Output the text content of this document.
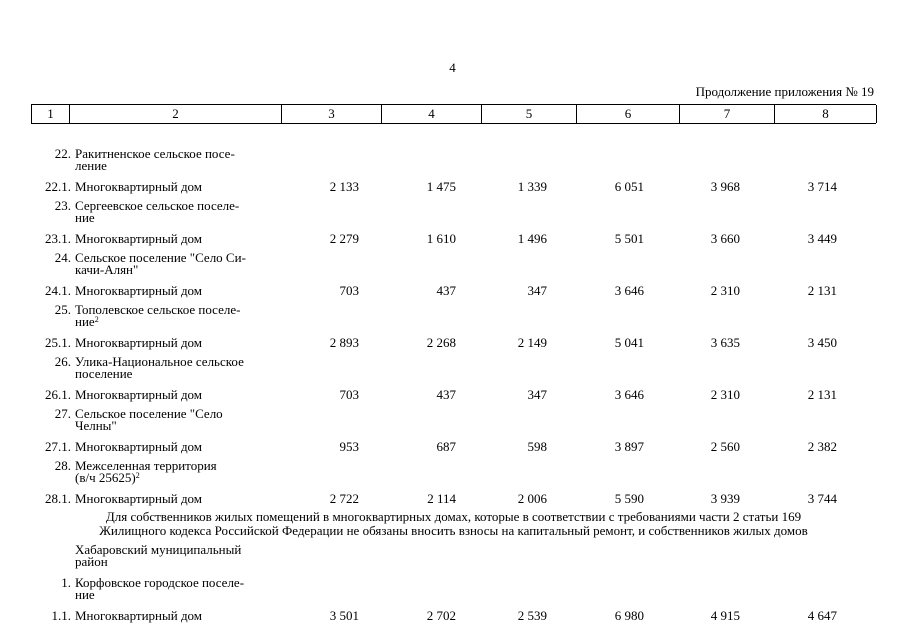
4
Продолжение приложения № 19
1	2	3	4	5	6	7	8
22. Ракитненское сельское посе-
ление
22.1. Многоквартирный дом	2 133	1 475	1 339	6 051	3 968	3 714
23. Сергеевское сельское поселе-
ние
23.1. Многоквартирный дом	2 279	1 610	1 496	5 501	3 660	3 449
24. Сельское поселение "Село Си-
качи-Алян"
24.1. Многоквартирный дом	703	437	347	3 646	2 310	2 131
25. Тополевское сельское поселе-
ние$^2$
25.1. Многоквартирный дом	2 893	2 268	2 149	5 041	3 635	3 450
26. Улика-Национальное сельское
поселение
26.1. Многоквартирный дом	703	437	347	3 646	2 310	2 131
27. Сельское поселение "Село
Челны"
27.1. Многоквартирный дом	953	687	598	3 897	2 560	2 382
28. Межселенная территория
(в/ч 25625)$^2$
28.1. Многоквартирный дом	2 722	2 114	2 006	5 590	3 939	3 744
Для собственников жилых помещений в многоквартирных домах, которые в соответствии с требованиями части 2 статьи 169
Жилищного кодекса Российской Федерации не обязаны вносить взносы на капитальный ремонт, и собственников жилых домов
Хабаровский муниципальный
район
1. Корфовское городское поселе-
ние
1.1. Многоквартирный дом	3 501	2 702	2 539	6 980	4 915	4 647
